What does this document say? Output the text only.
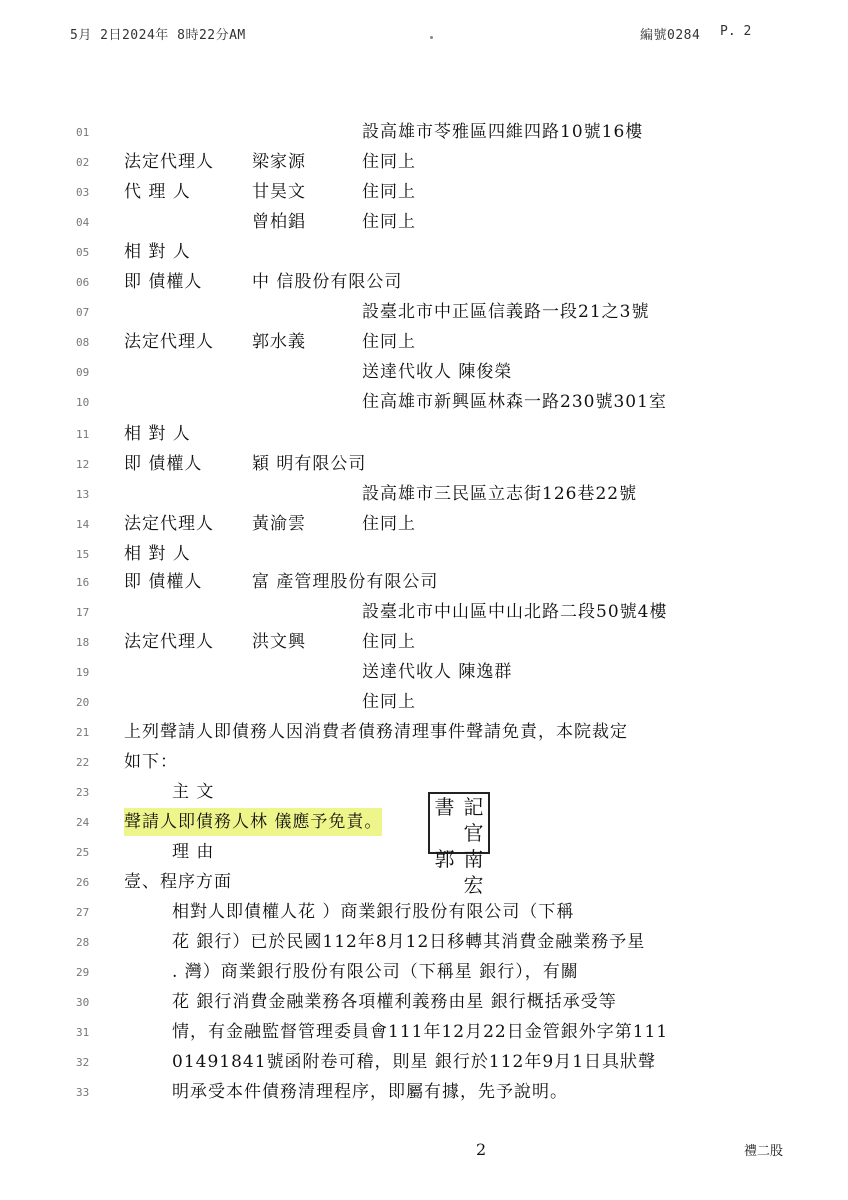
5月 2日2024年 8時22分AM	編號0284 P. 2
01	設高雄市苓雅區四維四路10號16樓
02 法定代理人 梁家源	住同上
03 代 理 人	甘昊文	住同上
04	曾柏錩	住同上
05 相 對 人
06 即 債權人	中 信股份有限公司
07	設臺北市中正區信義路一段21之3號
08 法定代理人 郭水義	住同上
09	送達代收人 陳俊榮
10	住高雄市新興區林森一路230號301室
11 相 對 人
12 即 債權人	穎 明有限公司
13	設高雄市三民區立志街126巷22號
14 法定代理人 黃渝雲	住同上
15 相 對 人
16 即 債權人	富 產管理股份有限公司
17	設臺北市中山區中山北路二段50號4樓
18 法定代理人 洪文興	住同上
19	送達代收人 陳逸群
20	住同上
21 上列聲請人即債務人因消費者債務清理事件聲請免責，本院裁定
22 如下：
23	主 文
24 聲請人即債務人林 儀應予免責。
25	理 由
26 壹、程序方面
27	相對人即債權人花 ）商業銀行股份有限公司（下稱
28	花 銀行）已於民國112年8月12日移轉其消費金融業務予星
29	. 灣）商業銀行股份有限公司（下稱星 銀行），有關
30	花 銀行消費金融業務各項權利義務由星 銀行概括承受等
31	情，有金融監督管理委員會111年12月22日金管銀外字第111
32	01491841號函附卷可稽，則星 銀行於112年9月1日具狀聲
33	明承受本件債務清理程序，即屬有據，先予說明。
書 記官
郭 南宏
2	禮二股
